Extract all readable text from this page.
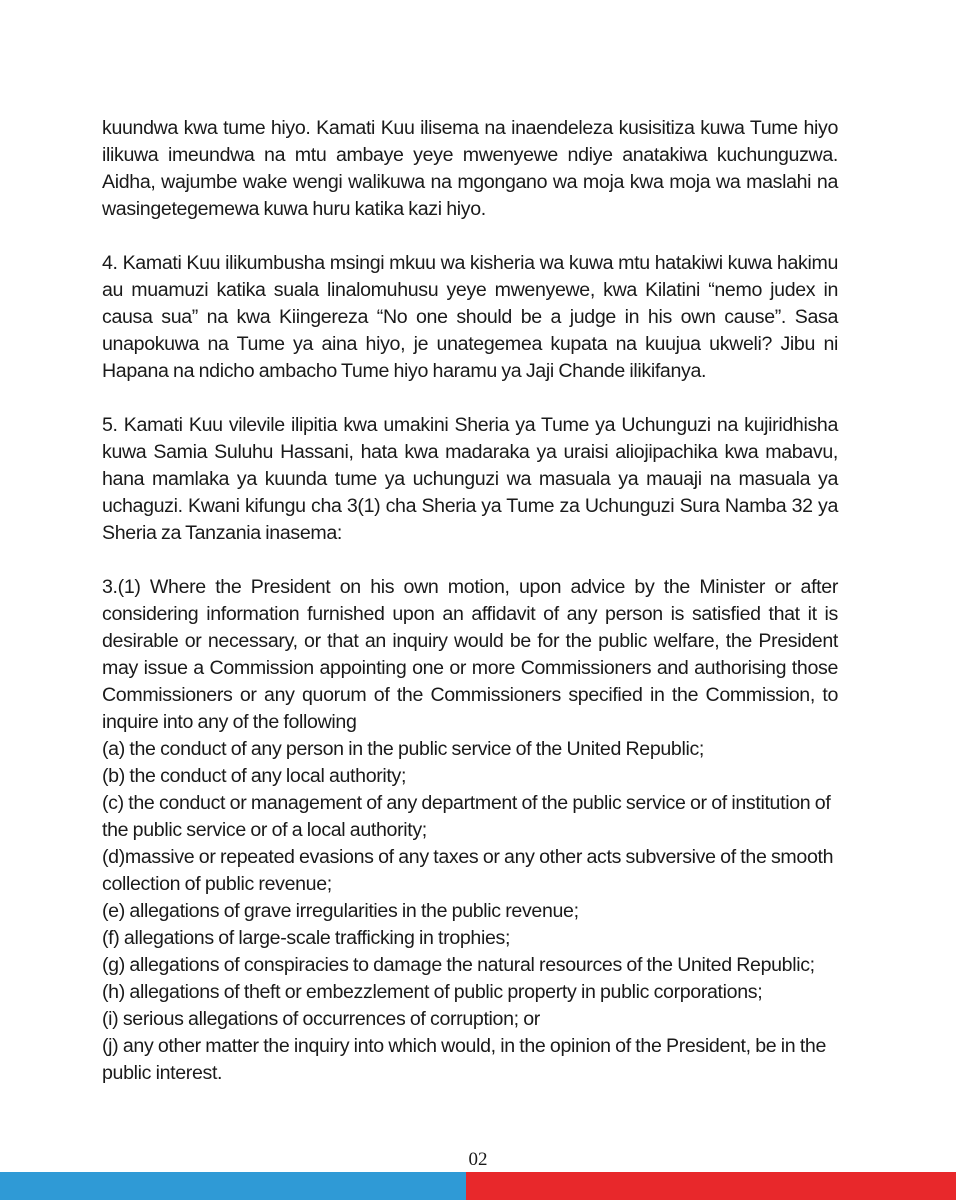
kuundwa kwa tume hiyo. Kamati Kuu ilisema na inaendeleza kusisitiza kuwa Tume hiyo ilikuwa imeundwa na mtu ambaye yeye mwenyewe ndiye anatakiwa kuchunguzwa. Aidha, wajumbe wake wengi walikuwa na mgongano wa moja kwa moja wa maslahi na wasingetegemewa kuwa huru katika kazi hiyo.

4. Kamati Kuu ilikumbusha msingi mkuu wa kisheria wa kuwa mtu hatakiwi kuwa hakimu au muamuzi katika suala linalomuhusu yeye mwenyewe, kwa Kilatini “nemo judex in causa sua” na kwa Kiingereza “No one should be a judge in his own cause”. Sasa unapokuwa na Tume ya aina hiyo, je unategemea kupata na kuujua ukweli? Jibu ni Hapana na ndicho ambacho Tume hiyo haramu ya Jaji Chande ilikifanya.

5. Kamati Kuu vilevile ilipitia kwa umakini Sheria ya Tume ya Uchunguzi na kujiridhisha kuwa Samia Suluhu Hassani, hata kwa madaraka ya uraisi aliojipachika kwa mabavu, hana mamlaka ya kuunda tume ya uchunguzi wa masuala ya mauaji na masuala ya uchaguzi. Kwani kifungu cha 3(1) cha Sheria ya Tume za Uchunguzi Sura Namba 32 ya Sheria za Tanzania inasema:

3.(1) Where the President on his own motion, upon advice by the Minister or after considering information furnished upon an affidavit of any person is satisfied that it is desirable or necessary, or that an inquiry would be for the public welfare, the President may issue a Commission appointing one or more Commissioners and authorising those Commissioners or any quorum of the Commissioners specified in the Commission, to inquire into any of the following

(a) the conduct of any person in the public service of the United Republic;
(b) the conduct of any local authority;
(c) the conduct or management of any department of the public service or of institution of the public service or of a local authority;
(d)massive or repeated evasions of any taxes or any other acts subversive of the smooth collection of public revenue;
(e) allegations of grave irregularities in the public revenue;
(f) allegations of large-scale trafficking in trophies;
(g) allegations of conspiracies to damage the natural resources of the United Republic;
(h) allegations of theft or embezzlement of public property in public corporations;
(i) serious allegations of occurrences of corruption; or
(j) any other matter the inquiry into which would, in the opinion of the President, be in the public interest.
02
